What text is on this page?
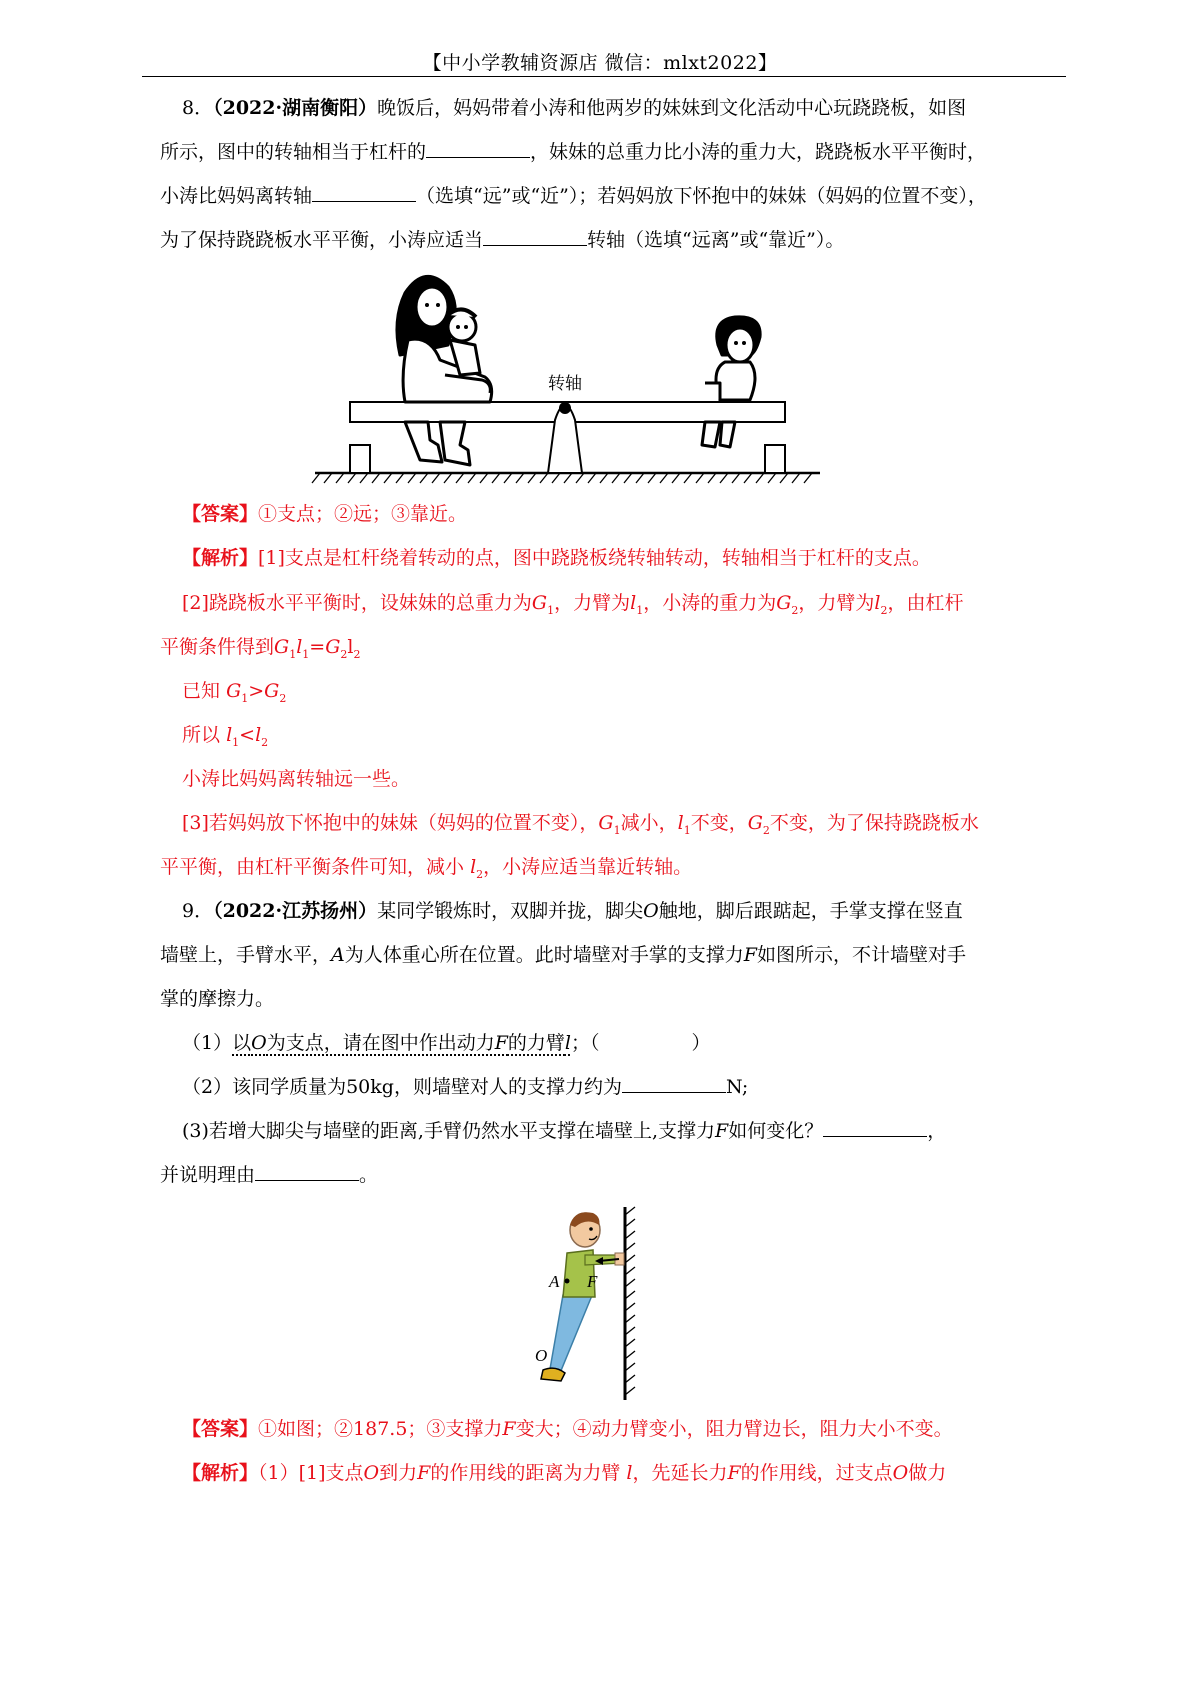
【中小学教辅资源店 微信：mlxt2022】
8．（2022·湖南衡阳）晚饭后，妈妈带着小涛和他两岁的妹妹到文化活动中心玩跷跷板，如图
所示，图中的转轴相当于杠杆的	，妹妹的总重力比小涛的重力大，跷跷板水平平衡时，
小涛比妈妈离转轴	（选填“远”或“近”）；若妈妈放下怀抱中的妹妹（妈妈的位置不变），
为了保持跷跷板水平平衡，小涛应适当	转轴（选填“远离”或“靠近”）。
转轴
【答案】①支点；②远；③靠近。
【解析】[1]支点是杠杆绕着转动的点，图中跷跷板绕转轴转动，转轴相当于杠杆的支点。
[2]跷跷板水平平衡时，设妹妹的总重力为$G_1$，力臂为$l_1$，小涛的重力为$G_2$，力臂为$l_2$，由杠杆
平衡条件得到$G_1l_1=G_2l_2$
已知 $G_1>G_2$
所以 $l_1<l_2$
小涛比妈妈离转轴远一些。
[3]若妈妈放下怀抱中的妹妹（妈妈的位置不变），$G_1$减小，$l_1$不变，$G_2$不变，为了保持跷跷板水
平平衡，由杠杆平衡条件可知，减小 $l_2$，小涛应适当靠近转轴。
9．（2022·江苏扬州）某同学锻炼时，双脚并拢，脚尖O触地，脚后跟踮起，手掌支撑在竖直
墙壁上，手臂水平，A为人体重心所在位置。此时墙壁对手掌的支撑力F如图所示，不计墙壁对手
掌的摩擦力。
（1）以O为支点，请在图中作出动力F的力臂l；（	）
（2）该同学质量为50kg，则墙壁对人的支撑力约为	N;
(3)若增大脚尖与墙壁的距离,手臂仍然水平支撑在墙壁上,支撑力F如何变化？	，
并说明理由	。
A F
O
【答案】①如图；②187.5；③支撑力F变大；④动力臂变小，阻力臂边长，阻力大小不变。
【解析】（1）[1]支点O到力F的作用线的距离为力臂 l，先延长力F的作用线，过支点O做力
